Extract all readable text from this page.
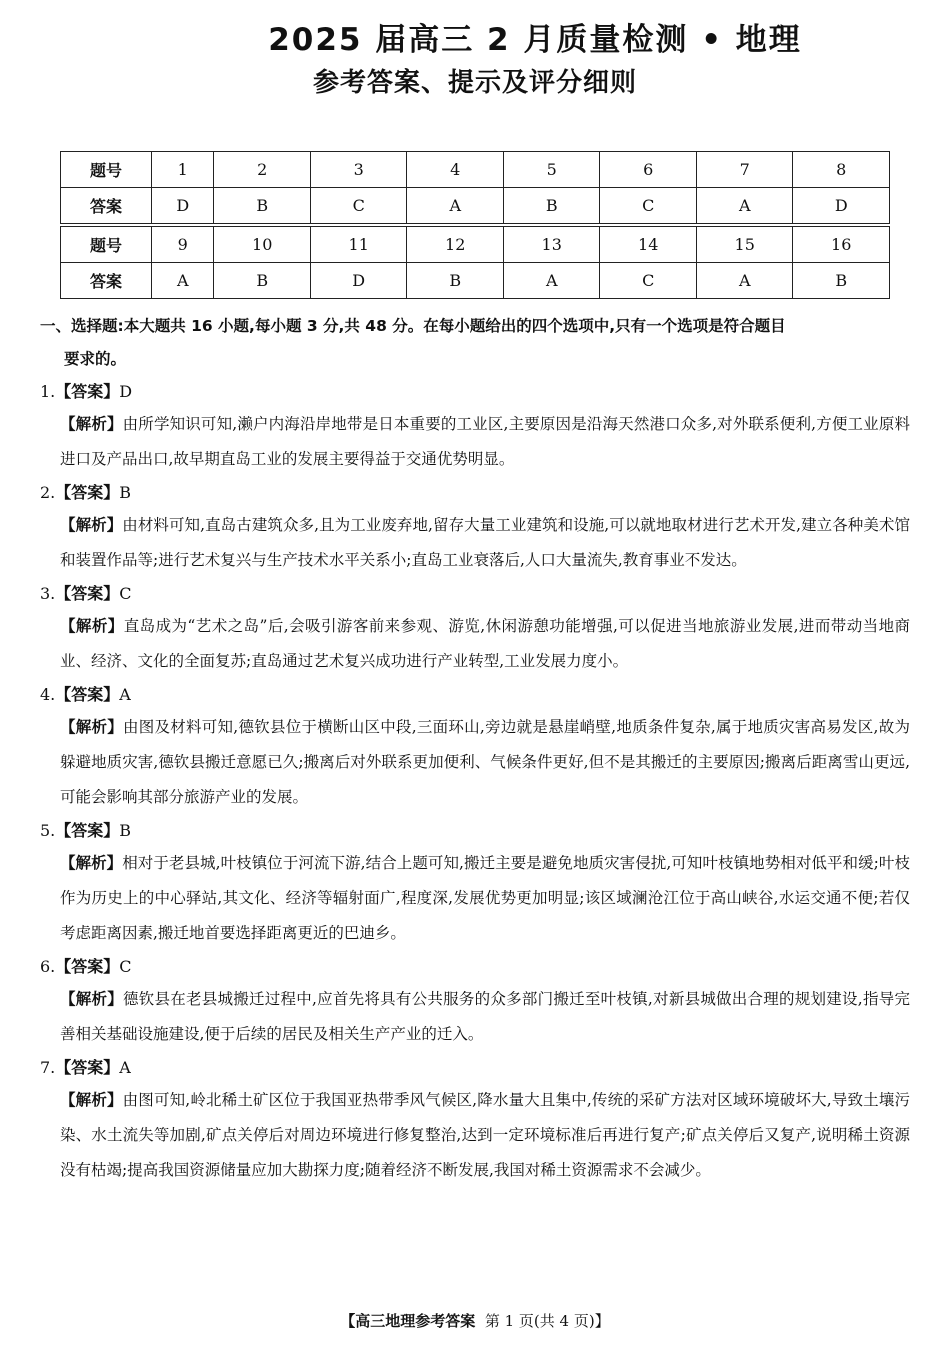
2025 届高三 2 月质量检测 • 地理
参考答案、提示及评分细则
题号	1	2	3	4	5	6	7	8
答案	D	B	C	A	B	C	A	D
题号	9	10	11	12	13	14	15	16
答案	A	B	D	B	A	C	A	B
一、选择题:本大题共 16 小题,每小题 3 分,共 48 分。在每小题给出的四个选项中,只有一个选项是符合题目
要求的。
1.【答案】D
【解析】由所学知识可知,濑户内海沿岸地带是日本重要的工业区,主要原因是沿海天然港口众多,对外联系便利,方便工业原料进口及产品出口,故早期直岛工业的发展主要得益于交通优势明显。
2.【答案】B
【解析】由材料可知,直岛古建筑众多,且为工业废弃地,留存大量工业建筑和设施,可以就地取材进行艺术开发,建立各种美术馆和装置作品等;进行艺术复兴与生产技术水平关系小;直岛工业衰落后,人口大量流失,教育事业不发达。
3.【答案】C
【解析】直岛成为“艺术之岛”后,会吸引游客前来参观、游览,休闲游憩功能增强,可以促进当地旅游业发展,进而带动当地商业、经济、文化的全面复苏;直岛通过艺术复兴成功进行产业转型,工业发展力度小。
4.【答案】A
【解析】由图及材料可知,德钦县位于横断山区中段,三面环山,旁边就是悬崖峭壁,地质条件复杂,属于地质灾害高易发区,故为躲避地质灾害,德钦县搬迁意愿已久;搬离后对外联系更加便利、气候条件更好,但不是其搬迁的主要原因;搬离后距离雪山更远,可能会影响其部分旅游产业的发展。
5.【答案】B
【解析】相对于老县城,叶枝镇位于河流下游,结合上题可知,搬迁主要是避免地质灾害侵扰,可知叶枝镇地势相对低平和缓;叶枝作为历史上的中心驿站,其文化、经济等辐射面广,程度深,发展优势更加明显;该区域澜沧江位于高山峡谷,水运交通不便;若仅考虑距离因素,搬迁地首要选择距离更近的巴迪乡。
6.【答案】C
【解析】德钦县在老县城搬迁过程中,应首先将具有公共服务的众多部门搬迁至叶枝镇,对新县城做出合理的规划建设,指导完善相关基础设施建设,便于后续的居民及相关生产产业的迁入。
7.【答案】A
【解析】由图可知,岭北稀土矿区位于我国亚热带季风气候区,降水量大且集中,传统的采矿方法对区域环境破坏大,导致土壤污染、水土流失等加剧,矿点关停后对周边环境进行修复整治,达到一定环境标准后再进行复产;矿点关停后又复产,说明稀土资源没有枯竭;提高我国资源储量应加大勘探力度;随着经济不断发展,我国对稀土资源需求不会减少。
【高三地理参考答案 第 1 页(共 4 页)】
